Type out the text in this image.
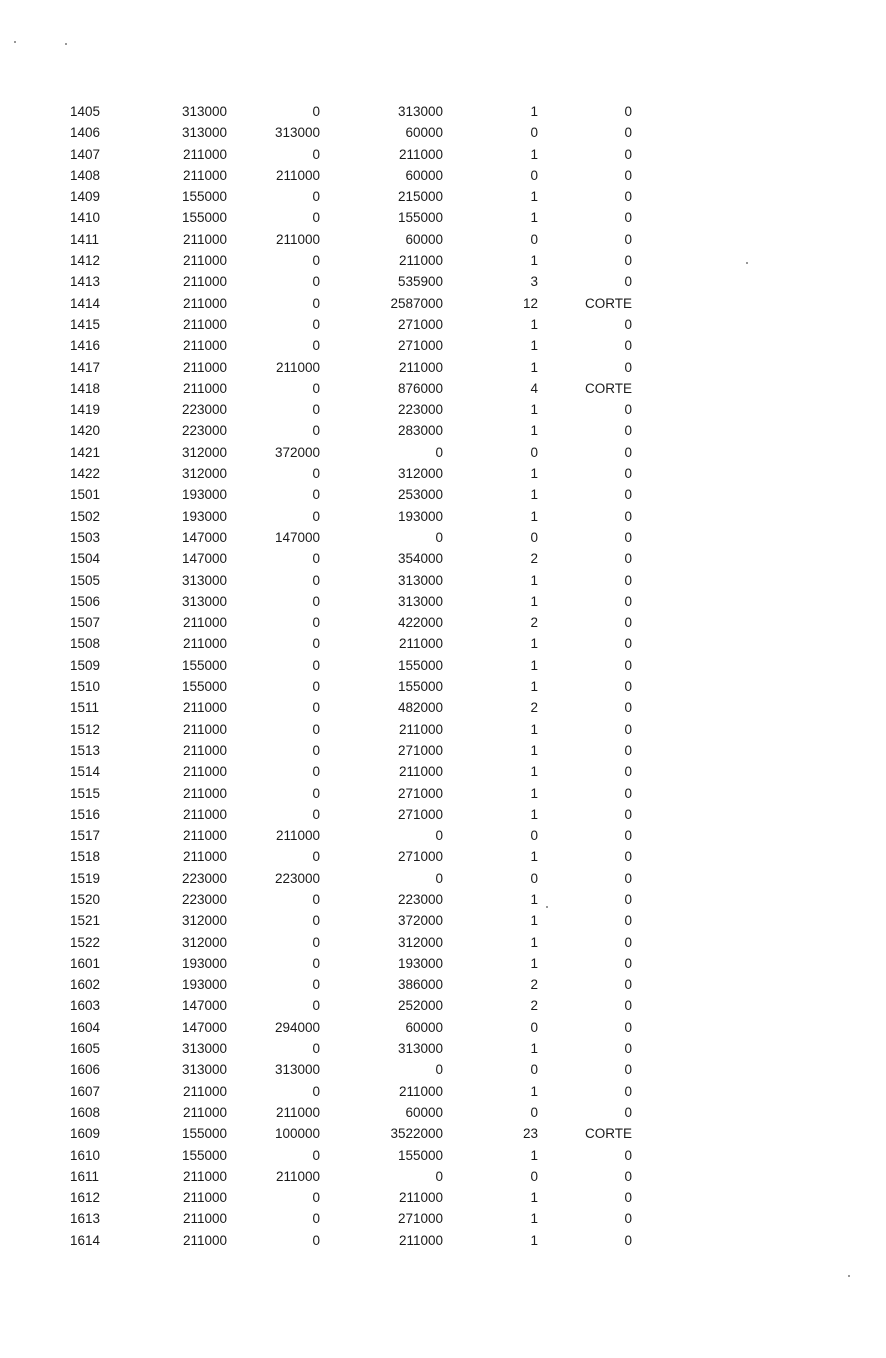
1405	313000	0	313000	1	0
1406	313000	313000	60000	0	0
1407	211000	0	211000	1	0
1408	211000	211000	60000	0	0
1409	155000	0	215000	1	0
1410	155000	0	155000	1	0
1411	211000	211000	60000	0	0
1412	211000	0	211000	1	0
1413	211000	0	535900	3	0
1414	211000	0	2587000	12	CORTE
1415	211000	0	271000	1	0
1416	211000	0	271000	1	0
1417	211000	211000	211000	1	0
1418	211000	0	876000	4	CORTE
1419	223000	0	223000	1	0
1420	223000	0	283000	1	0
1421	312000	372000	0	0	0
1422	312000	0	312000	1	0
1501	193000	0	253000	1	0
1502	193000	0	193000	1	0
1503	147000	147000	0	0	0
1504	147000	0	354000	2	0
1505	313000	0	313000	1	0
1506	313000	0	313000	1	0
1507	211000	0	422000	2	0
1508	211000	0	211000	1	0
1509	155000	0	155000	1	0
1510	155000	0	155000	1	0
1511	211000	0	482000	2	0
1512	211000	0	211000	1	0
1513	211000	0	271000	1	0
1514	211000	0	211000	1	0
1515	211000	0	271000	1	0
1516	211000	0	271000	1	0
1517	211000	211000	0	0	0
1518	211000	0	271000	1	0
1519	223000	223000	0	0	0
1520	223000	0	223000	1	0
1521	312000	0	372000	1	0
1522	312000	0	312000	1	0
1601	193000	0	193000	1	0
1602	193000	0	386000	2	0
1603	147000	0	252000	2	0
1604	147000	294000	60000	0	0
1605	313000	0	313000	1	0
1606	313000	313000	0	0	0
1607	211000	0	211000	1	0
1608	211000	211000	60000	0	0
1609	155000	100000	3522000	23	CORTE
1610	155000	0	155000	1	0
1611	211000	211000	0	0	0
1612	211000	0	211000	1	0
1613	211000	0	271000	1	0
1614	211000	0	211000	1	0
